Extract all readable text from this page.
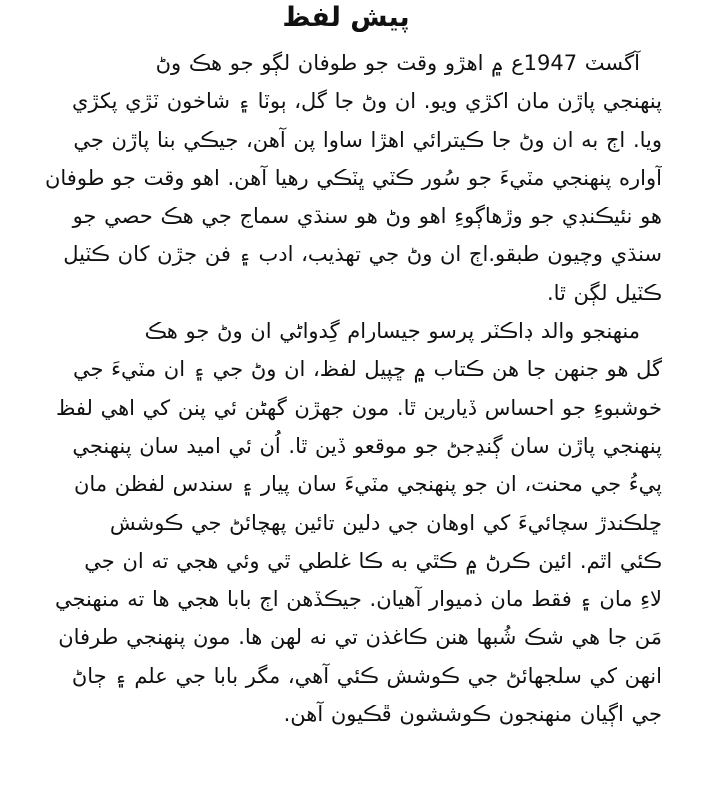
پيش لفظ

آگسٽ 1947ع ۾ اهڙو وقت جو طوفان لڳو جو هڪ وڻ
پنهنجي پاڙن مان اکڙي ويو. ان وڻ جا گل، ٻوٽا ۽ شاخون ٽڙي پکڙي
ويا. اڄ به ان وڻ جا ڪيترائي اهڙا ساوا پن آهن، جيڪي بنا پاڙن جي
آواره پنهنجي مٽيءَ جو سُور ڪٽي ڀٽڪي رهيا آهن. اهو وقت جو طوفان
هو نئيڪنڊي جو وڙهاڳوءِ اهو وڻ هو سنڌي سماج جي هڪ حصي جو
سنڌي وچيون طبقو.اڄ ان وڻ جي تهذيب، ادب ۽ فن جڙن کان ڪٽيل
ڪٽيل لڳن ٿا.

منهنجو والد ڊاڪٽر پرسو جيسارام گِدواڻي ان وڻ جو هڪ
گل هو جنهن جا هن ڪتاب ۾ ڇپيل لفظ، ان وڻ جي ۽ ان مٽيءَ جي
خوشبوءِ جو احساس ڏيارين ٿا. مون جهڙن گهڻن ئي پنن کي اهي لفظ
پنهنجي پاڙن سان ڳنڍجڻ جو موقعو ڏين ٿا. اُن ئي اميد سان پنهنجي
پيءُ جي محنت، ان جو پنهنجي مٽيءَ سان پيار ۽ سندس لفظن مان
ڇلڪندڙ سچائيءَ کي اوهان جي دلين تائين پهچائڻ جي ڪوشش
ڪئي اٿم. ائين ڪرڻ ۾ ڪٿي به ڪا غلطي ٿي وئي هجي ته ان جي
لاءِ مان ۽ فقط مان ذميوار آهيان. جيڪڏهن اڄ بابا هجي ها ته منهنجي
مَن جا هي شڪ شُبها هنن ڪاغذن تي نه لهن ها. مون پنهنجي طرفان
انهن کي سلجهائڻ جي ڪوشش ڪئي آهي، مگر بابا جي علم ۽ ڄاڻ
جي اڳيان منهنجون ڪوششون ڦڪيون آهن.
